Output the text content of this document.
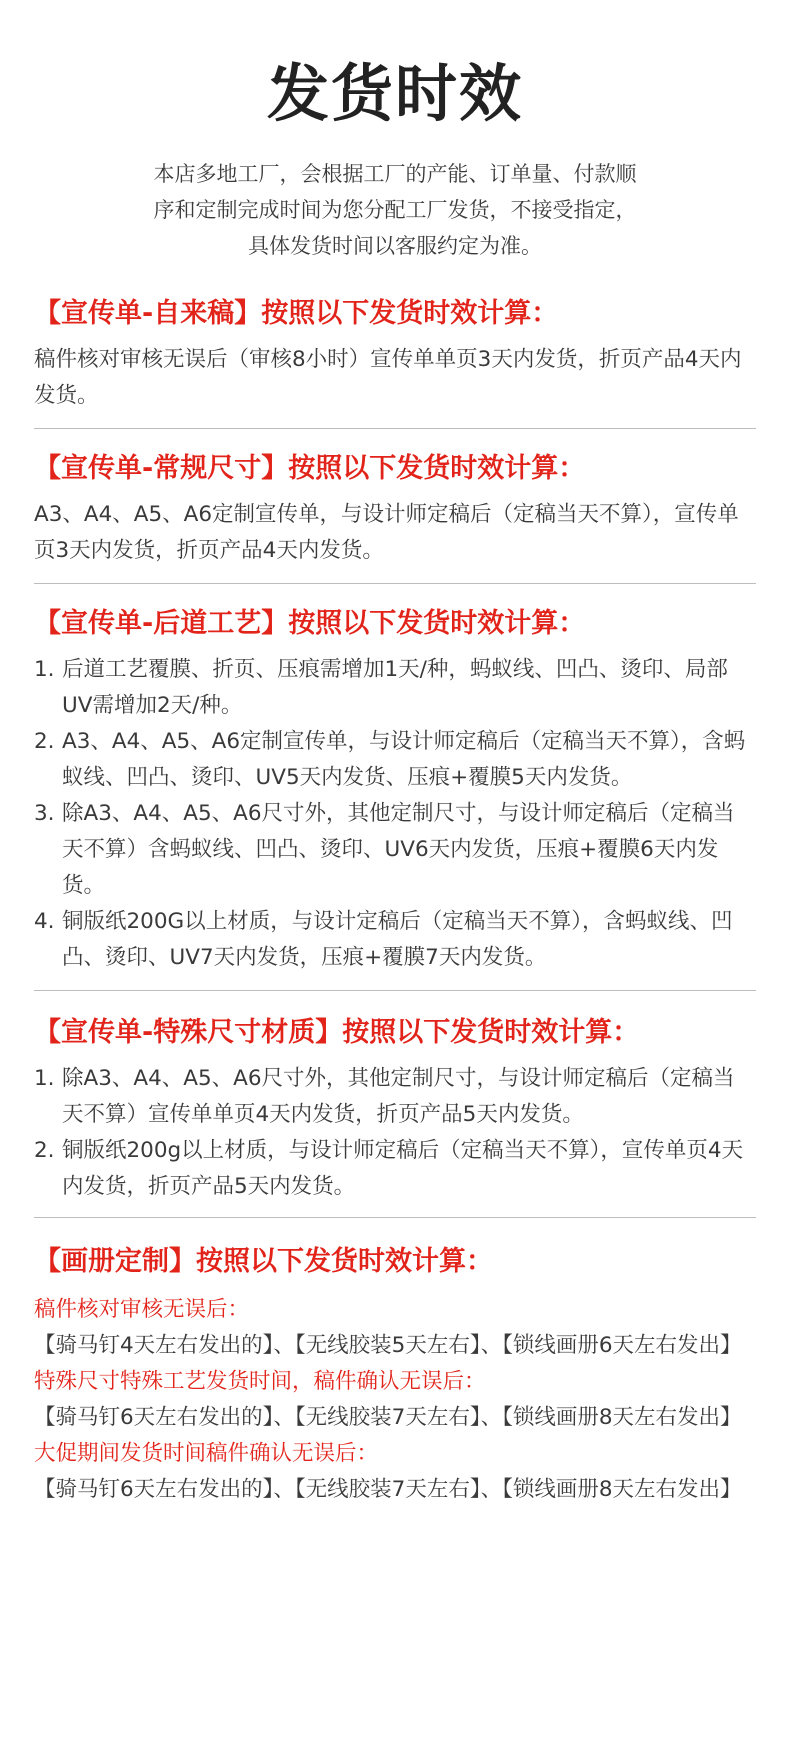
发货时效
本店多地工厂，会根据工厂的产能、订单量、付款顺
序和定制完成时间为您分配工厂发货，不接受指定，
具体发货时间以客服约定为准。
【宣传单-自来稿】按照以下发货时效计算：
稿件核对审核无误后（审核8小时）宣传单单页3天内发货，折页产品4天内发货。
【宣传单-常规尺寸】按照以下发货时效计算：
A3、A4、A5、A6定制宣传单，与设计师定稿后（定稿当天不算），宣传单页3天内发货，折页产品4天内发货。
【宣传单-后道工艺】按照以下发货时效计算：
1. 后道工艺覆膜、折页、压痕需增加1天/种，蚂蚁线、凹凸、烫印、局部UV需增加2天/种。
2. A3、A4、A5、A6定制宣传单，与设计师定稿后（定稿当天不算），含蚂蚁线、凹凸、烫印、UV5天内发货、压痕+覆膜5天内发货。
3. 除A3、A4、A5、A6尺寸外，其他定制尺寸，与设计师定稿后（定稿当天不算）含蚂蚁线、凹凸、烫印、UV6天内发货，压痕+覆膜6天内发货。
4. 铜版纸200G以上材质，与设计定稿后（定稿当天不算），含蚂蚁线、凹凸、烫印、UV7天内发货，压痕+覆膜7天内发货。
【宣传单-特殊尺寸材质】按照以下发货时效计算：
1. 除A3、A4、A5、A6尺寸外，其他定制尺寸，与设计师定稿后（定稿当天不算）宣传单单页4天内发货，折页产品5天内发货。
2. 铜版纸200g以上材质，与设计师定稿后（定稿当天不算），宣传单页4天内发货，折页产品5天内发货。
【画册定制】按照以下发货时效计算：
稿件核对审核无误后：
【骑马钉4天左右发出的】、【无线胶装5天左右】、【锁线画册6天左右发出】
特殊尺寸特殊工艺发货时间，稿件确认无误后：
【骑马钉6天左右发出的】、【无线胶装7天左右】、【锁线画册8天左右发出】
大促期间发货时间稿件确认无误后：
【骑马钉6天左右发出的】、【无线胶装7天左右】、【锁线画册8天左右发出】
